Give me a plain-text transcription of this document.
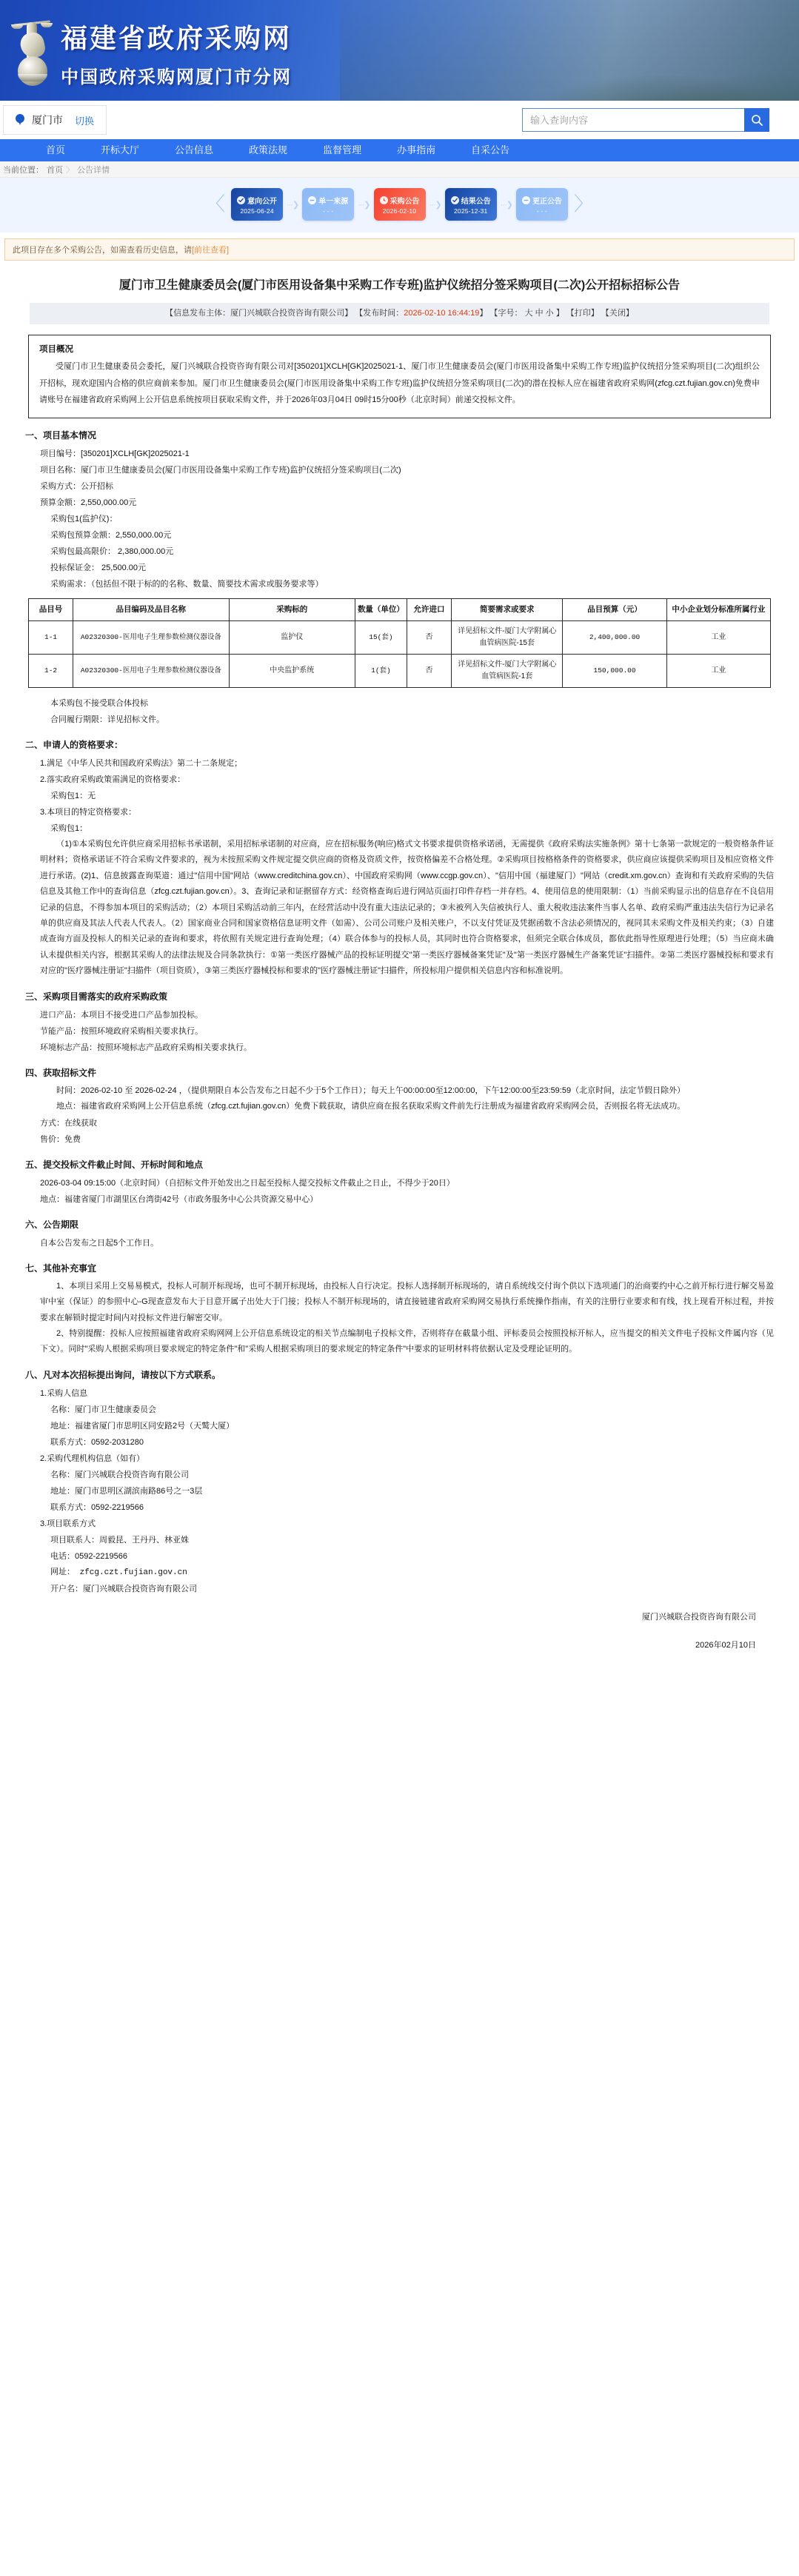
福建省政府采购网
中国政府采购网厦门市分网
厦门市 切换
输入查询内容
首页	开标大厅	公告信息	政策法规	监督管理	办事指南	自采公告
当前位置： 首页 〉 公告详情
〈	意向公开
2025-06-24
···❯	单一来源
- - -
···❯	采购公告
2026-02-10
···❯	结果公告
2025-12-31
···❯	更正公告
- - -	〉
此项目存在多个采购公告，如需查看历史信息，请[前往查看]
厦门市卫生健康委员会(厦门市医用设备集中采购工作专班)监护仪统招分签采购项目(二次)公开招标招标公告
【信息发布主体：厦门兴城联合投资咨询有限公司】 【发布时间：2026-02-10 16:44:19】 【字号： 大 中 小 】 【打印】 【关闭】
项目概况

受厦门市卫生健康委员会委托，厦门兴城联合投资咨询有限公司对[350201]XCLH[GK]2025021-1、厦门市卫生健康委员会(厦门市医用设备集中采购工作专班)监护仪统招分签采购项目(二次)组织公开招标，现欢迎国内合格的供应商前来参加。厦门市卫生健康委员会(厦门市医用设备集中采购工作专班)监护仪统招分签采购项目(二次)的潜在投标人应在福建省政府采购网(zfcg.czt.fujian.gov.cn)免费申请账号在福建省政府采购网上公开信息系统按项目获取采购文件，并于2026年03月04日 09时15分00秒（北京时间）前递交投标文件。

一、项目基本情况

项目编号：[350201]XCLH[GK]2025021-1

项目名称：厦门市卫生健康委员会(厦门市医用设备集中采购工作专班)监护仪统招分签采购项目(二次)

采购方式：公开招标

预算金额：2,550,000.00元

采购包1(监护仪)：

采购包预算金额：2,550,000.00元

采购包最高限价： 2,380,000.00元

投标保证金： 25,500.00元

采购需求：（包括但不限于标的的名称、数量、简要技术需求或服务要求等）

品目号	品目编码及品目名称	采购标的	数量（单位）	允许进口	简要需求或要求	品目预算（元）	中小企业划分标准所属行业
1-1	A02320300-医用电子生理参数检测仪器设备	监护仪	15(套)	否	详见招标文件-厦门大学附属心血管病医院-15套	2,400,000.00	工业
1-2	A02320300-医用电子生理参数检测仪器设备	中央监护系统	1(套)	否	详见招标文件-厦门大学附属心血管病医院-1套	150,000.00	工业

本采购包不接受联合体投标

合同履行期限：详见招标文件。

二、申请人的资格要求：

1.满足《中华人民共和国政府采购法》第二十二条规定；

2.落实政府采购政策需满足的资格要求：

采购包1：无

3.本项目的特定资格要求：

采购包1：

（1)①本采购包允许供应商采用招标书承诺制，采用招标承诺制的对应商，应在招标服务(响应)格式文书要求提供资格承诺函，无需提供《政府采购法实施条例》第十七条第一款规定的一般资格条件证明材料；资格承诺证不符合采购文件要求的，视为未按照采购文件规定提交供应商的资格及资质文件，按资格偏差不合格处理。②采购项目按格格条件的资格要求，供应商应该提供采购项目及相应资格文件进行承诺。(2)1、信息披露查询渠道：通过"信用中国"网站（www.creditchina.gov.cn）、中国政府采购网（www.ccgp.gov.cn）、"信用中国（福建厦门）"网站（credit.xm.gov.cn）查询和有关政府采购的失信信息及其他工作中的查询信息（zfcg.czt.fujian.gov.cn）。3、查询记录和证据留存方式：经资格查询后进行网站页面打印件存档一并存档。4、使用信息的使用限制：（1）当前采购显示出的信息存在不良信用记录的信息，不得参加本项目的采购活动；（2）本项目采购活动前三年内，在经营活动中没有重大违法记录的；③未被列入失信被执行人、重大税收违法案件当事人名单、政府采购严重违法失信行为记录名单的供应商及其法人代表人代表人。（2）国家商业合同和国家资格信息证明文件（如需）、公司公司账户及相关账户，不以支付凭证及凭据函数不含法必须情况的，视同其未采购文件及相关约束；（3）自建成查询方面及投标人的相关记录的查询和要求，将依照有关规定进行查询处理；（4）联合体参与的投标人员，其同时也符合资格要求，但须完全联合体成员，都依此指导性原理进行处理；（5）当应商未确认未提供相关内容，根据其采购人的法律法规及合同条款执行：①第一类医疗器械产品的投标证明提交"第一类医疗器械备案凭证"及"第一类医疗器械生产备案凭证"扫描件。②第二类医疗器械投标和要求有对应的"医疗器械注册证"扫描件（项目资质），③第三类医疗器械投标和要求的"医疗器械注册证"扫描件，所投标用户提供相关信息内容和标准说明。

三、采购项目需落实的政府采购政策

进口产品：本项目不接受进口产品参加投标。

节能产品：按照环境政府采购相关要求执行。

环境标志产品：按照环境标志产品政府采购相关要求执行。

四、获取招标文件

时间：2026-02-10 至 2026-02-24 ，（提供期限自本公告发布之日起不少于5个工作日）；每天上午00:00:00至12:00:00，下午12:00:00至23:59:59（北京时间，法定节假日除外）

地点：福建省政府采购网上公开信息系统（zfcg.czt.fujian.gov.cn）免费下载获取，请供应商在报名获取采购文件前先行注册成为福建省政府采购网会员，否则报名将无法成功。

方式：在线获取

售价：免费

五、提交投标文件截止时间、开标时间和地点

2026-03-04 09:15:00（北京时间）（自招标文件开始发出之日起至投标人提交投标文件截止之日止，不得少于20日）

地点：福建省厦门市湖里区台湾街42号（市政务服务中心公共资源交易中心）

六、公告期限

自本公告发布之日起5个工作日。

七、其他补充事宜

1、本项目采用上交易易模式，投标人可制开标现场，也可不制开标现场，由投标人自行决定。投标人选择制开标现场的，请自系统线交付询个供以下选项通门的治商要约中心之前开标行进行解交易盈审中室（保证）的参照中心-G现查意发布大于目意开属子出处大于门接；投标人不制开标现场的，请直接链建省政府采购网交易执行系统操作指南，有关的注册行业要求和有线，找上现看开标过程，并按要求在解锁时提定时间内对投标文件进行解密交审。

2、特别提醒：投标人应按照福建省政府采购网网上公开信息系统设定的相关节点编制电子投标文件，否则将存在截量小组、评标委员会按照投标开标人，应当提交的相关文件电子投标文件属内容（见下文）。同时"采购人根据采购项目要求规定的特定条件"和"采购人根据采购项目的要求规定的特定条件"中要求的证明材料将依据认定及受理论证明的。

八、凡对本次招标提出询问，请按以下方式联系。

1.采购人信息

名称：厦门市卫生健康委员会

地址：福建省厦门市思明区同安路2号（天鹫大厦）

联系方式：0592-2031280

2.采购代理机构信息（如有）

名称：厦门兴城联合投资咨询有限公司

地址：厦门市思明区湖滨南路86号之一3层

联系方式：0592-2219566

3.项目联系方式

项目联系人：周毅昆、王丹丹、林亚姝

电话：0592-2219566

网址： zfcg.czt.fujian.gov.cn

开户名：厦门兴城联合投资咨询有限公司

厦门兴城联合投资咨询有限公司
2026年02月10日
